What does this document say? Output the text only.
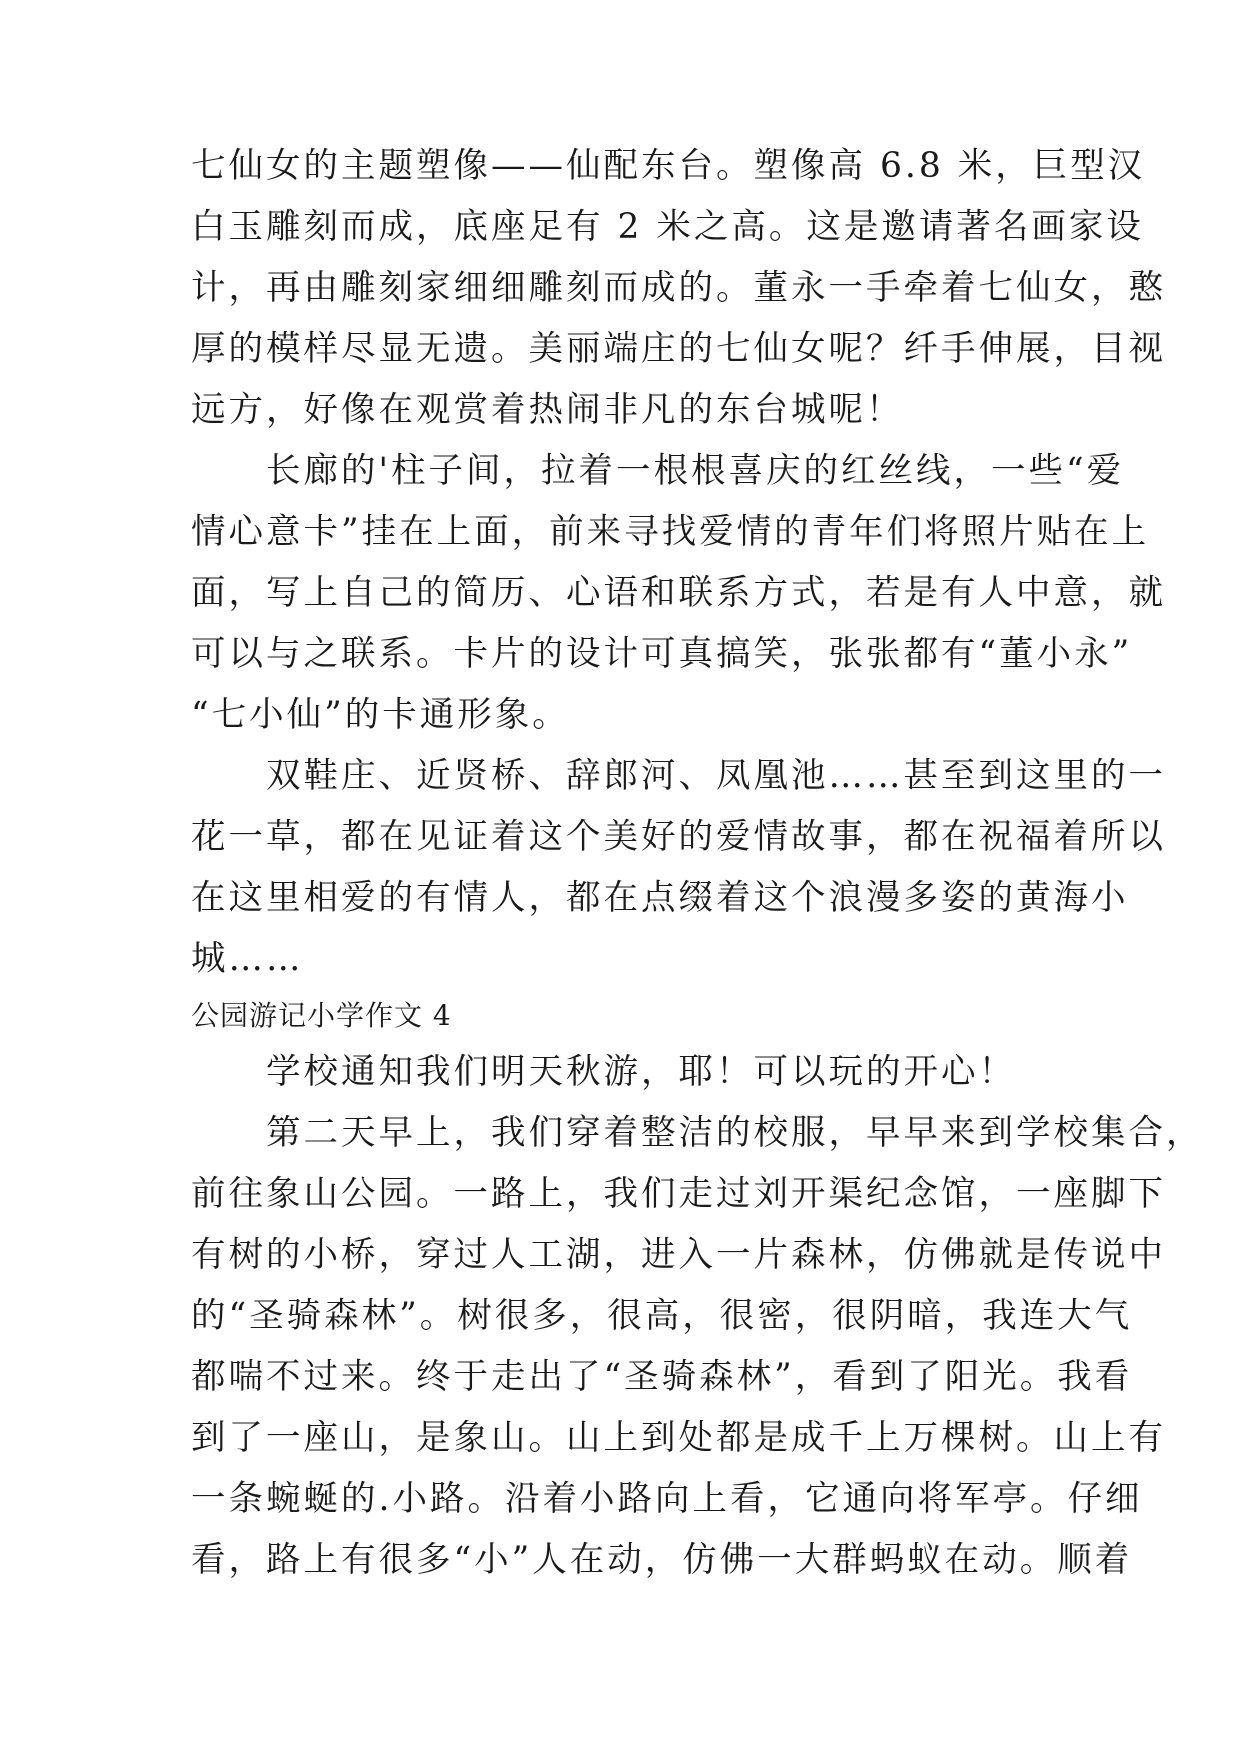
七仙女的主题塑像——仙配东台。塑像高 6.8 米，巨型汉
白玉雕刻而成，底座足有 2 米之高。这是邀请著名画家设
计，再由雕刻家细细雕刻而成的。董永一手牵着七仙女，憨
厚的模样尽显无遗。美丽端庄的七仙女呢？纤手伸展，目视
远方，好像在观赏着热闹非凡的东台城呢！
　　长廊的'柱子间，拉着一根根喜庆的红丝线，一些“爱
情心意卡”挂在上面，前来寻找爱情的青年们将照片贴在上
面，写上自己的简历、心语和联系方式，若是有人中意，就
可以与之联系。卡片的设计可真搞笑，张张都有“董小永”
“七小仙”的卡通形象。
　　双鞋庄、近贤桥、辞郎河、凤凰池……甚至到这里的一
花一草，都在见证着这个美好的爱情故事，都在祝福着所以
在这里相爱的有情人，都在点缀着这个浪漫多姿的黄海小
城……
公园游记小学作文 4
　　学校通知我们明天秋游，耶！可以玩的开心！
　　第二天早上，我们穿着整洁的校服，早早来到学校集合，
前往象山公园。一路上，我们走过刘开渠纪念馆，一座脚下
有树的小桥，穿过人工湖，进入一片森林，仿佛就是传说中
的“圣骑森林”。树很多，很高，很密，很阴暗，我连大气
都喘不过来。终于走出了“圣骑森林”，看到了阳光。我看
到了一座山，是象山。山上到处都是成千上万棵树。山上有
一条蜿蜒的.小路。沿着小路向上看，它通向将军亭。仔细
看，路上有很多“小”人在动，仿佛一大群蚂蚁在动。顺着
